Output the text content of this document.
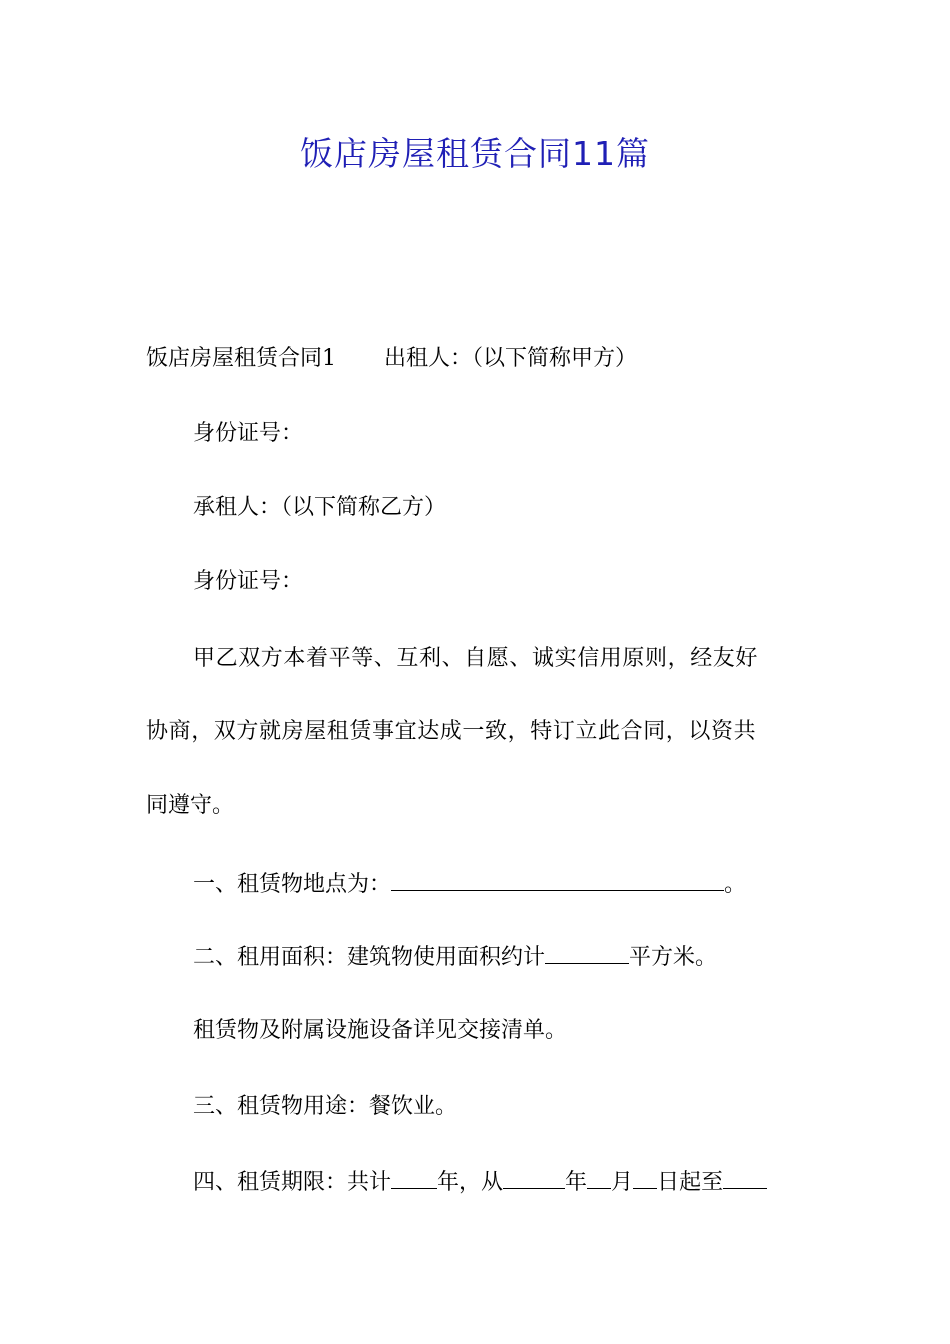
饭店房屋租赁合同11篇
饭店房屋租赁合同1 出租人：（以下简称甲方）
身份证号：
承租人：（以下简称乙方）
身份证号：
甲乙双方本着平等、互利、自愿、诚实信用原则，经友好
协商，双方就房屋租赁事宜达成一致，特订立此合同，以资共
同遵守。
一、租赁物地点为：	。
二、租用面积：建筑物使用面积约计	平方米。
租赁物及附属设施设备详见交接清单。
三、租赁物用途：餐饮业。
四、租赁期限：共计 年，从	年 月 日起至
